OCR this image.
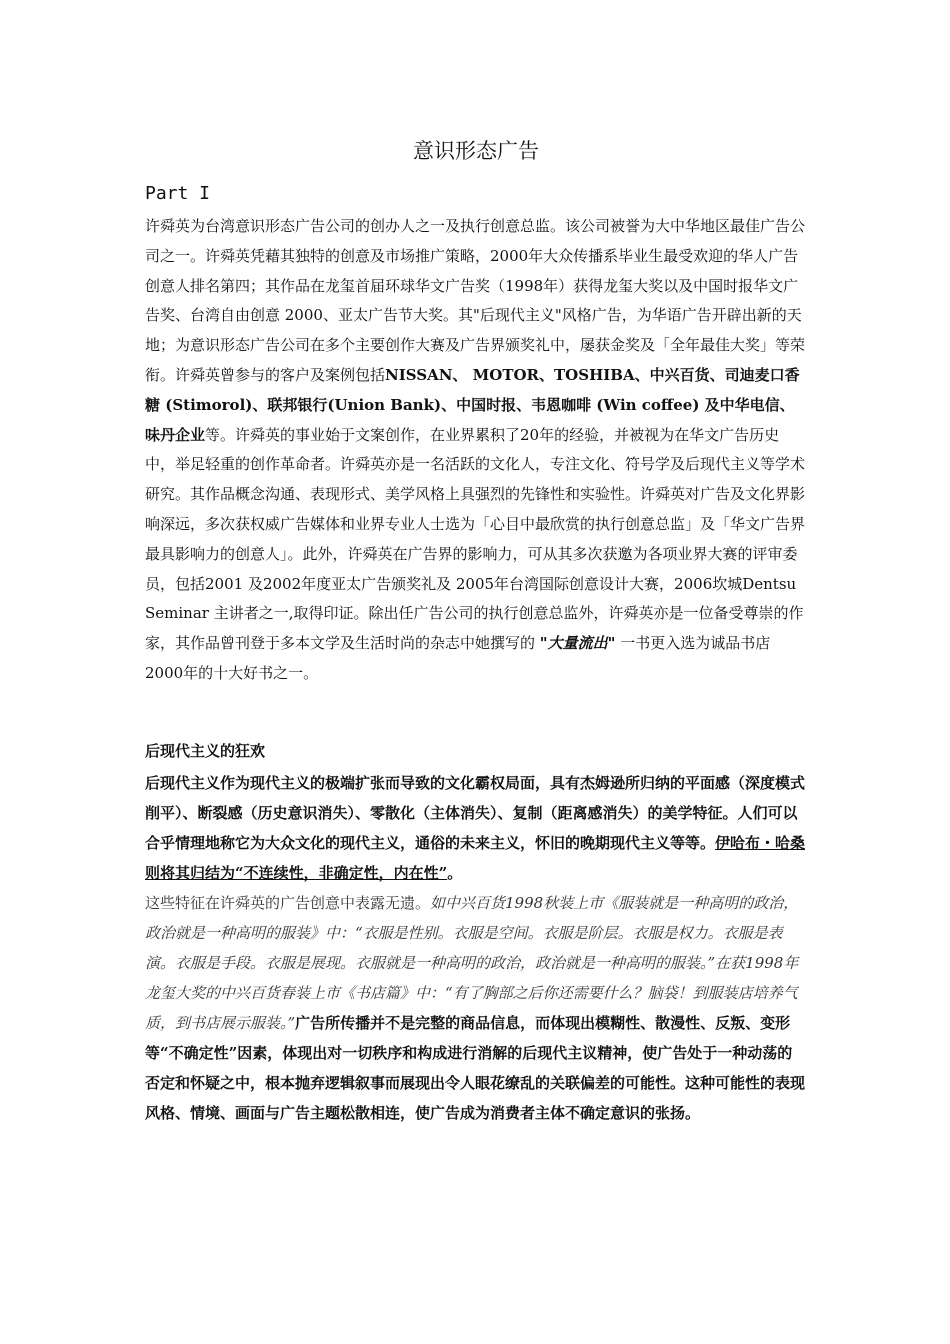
意识形态广告
Part I
许舜英为台湾意识形态广告公司的创办人之一及执行创意总监。该公司被誉为大中华地区最佳广告公司之一。许舜英凭藉其独特的创意及市场推广策略，2000年大众传播系毕业生最受欢迎的华人广告创意人排名第四；其作品在龙玺首届环球华文广告奖（1998年）获得龙玺大奖以及中国时报华文广告奖、台湾自由创意 2000、亚太广告节大奖。其"后现代主义"风格广告，为华语广告开辟出新的天地；为意识形态广告公司在多个主要创作大赛及广告界颁奖礼中，屡获金奖及「全年最佳大奖」等荣衔。许舜英曾参与的客户及案例包括NISSAN、 MOTOR、TOSHIBA、中兴百货、司迪麦口香糖 (Stimorol)、联邦银行(Union Bank)、中国时报、韦恩咖啡 (Win coffee) 及中华电信、味丹企业等。许舜英的事业始于文案创作，在业界累积了20年的经验，并被视为在华文广告历史中，举足轻重的创作革命者。许舜英亦是一名活跃的文化人，专注文化、符号学及后现代主义等学术研究。其作品概念沟通、表现形式、美学风格上具强烈的先锋性和实验性。许舜英对广告及文化界影响深远，多次获权威广告媒体和业界专业人士选为「心目中最欣赏的执行创意总监」及「华文广告界最具影响力的创意人」。此外，许舜英在广告界的影响力，可从其多次获邀为各项业界大赛的评审委员，包括2001 及2002年度亚太广告颁奖礼及 2005年台湾国际创意设计大赛，2006坎城Dentsu Seminar 主讲者之一,取得印证。除出任广告公司的执行创意总监外，许舜英亦是一位备受尊崇的作家，其作品曾刊登于多本文学及生活时尚的杂志中她撰写的 "大量流出" 一书更入选为诚品书店2000年的十大好书之一。
后现代主义的狂欢
后现代主义作为现代主义的极端扩张而导致的文化霸权局面，具有杰姆逊所归纳的平面感（深度模式削平）、断裂感（历史意识消失）、零散化（主体消失）、复制（距离感消失）的美学特征。人们可以合乎情理地称它为大众文化的现代主义，通俗的未来主义，怀旧的晚期现代主义等等。伊哈布・哈桑则将其归结为“不连续性，非确定性，内在性”。
这些特征在许舜英的广告创意中表露无遗。如中兴百货1998秋装上市《服装就是一种高明的政治，政治就是一种高明的服装》中：“衣服是性别。衣服是空间。衣服是阶层。衣服是权力。衣服是表演。衣服是手段。衣服是展现。衣服就是一种高明的政治，政治就是一种高明的服装。”在获1998年龙玺大奖的中兴百货春装上市《书店篇》中：“有了胸部之后你还需要什么？脑袋！到服装店培养气质，到书店展示服装。”广告所传播并不是完整的商品信息，而体现出模糊性、散漫性、反叛、变形等“不确定性”因素，体现出对一切秩序和构成进行消解的后现代主议精神，使广告处于一种动荡的否定和怀疑之中，根本抛弃逻辑叙事而展现出令人眼花缭乱的关联偏差的可能性。这种可能性的表现风格、情境、画面与广告主题松散相连，使广告成为消费者主体不确定意识的张扬。
